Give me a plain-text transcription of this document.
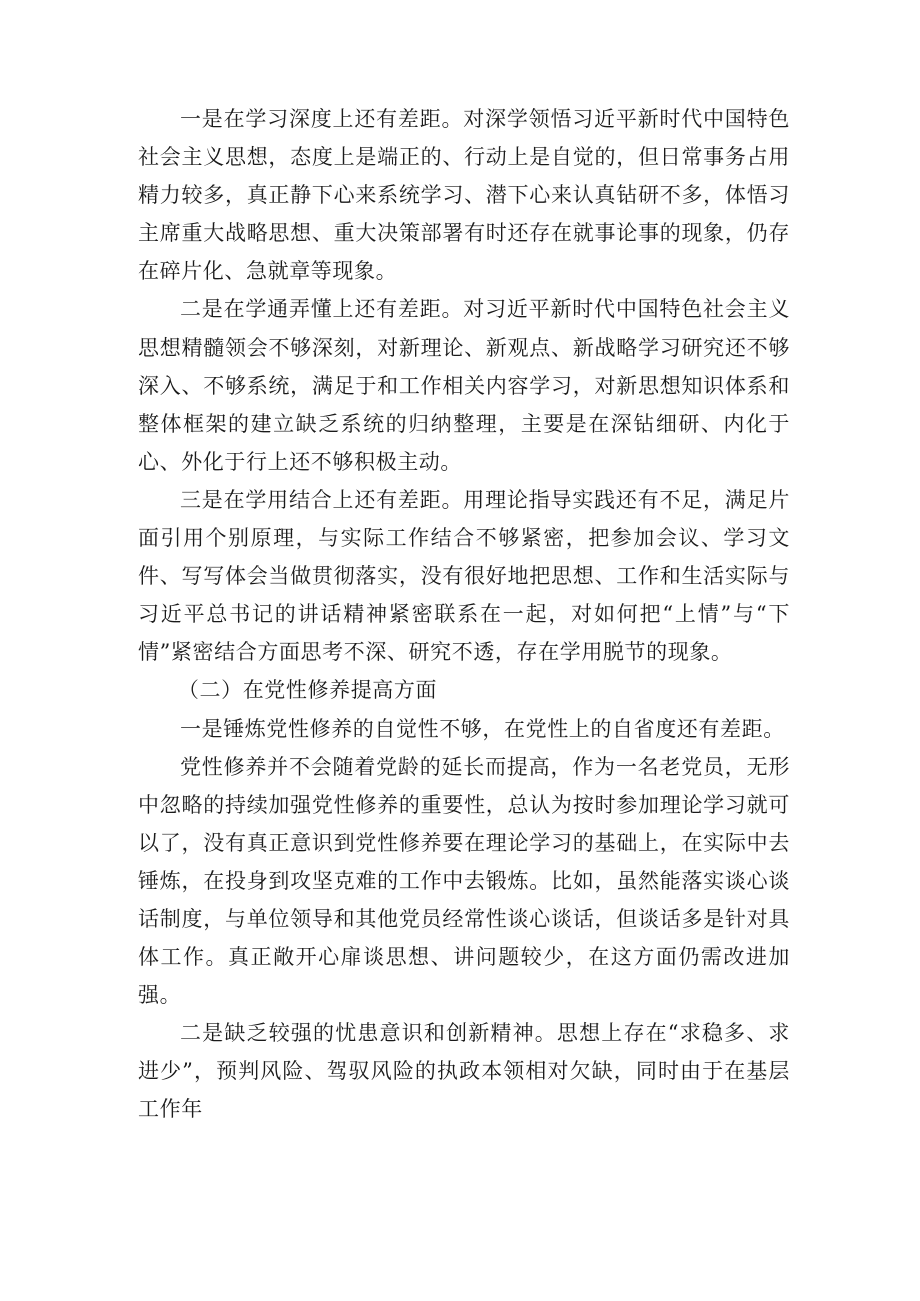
一是在学习深度上还有差距。对深学领悟习近平新时代中国特色社会主义思想，态度上是端正的、行动上是自觉的，但日常事务占用精力较多，真正静下心来系统学习、潜下心来认真钻研不多，体悟习主席重大战略思想、重大决策部署有时还存在就事论事的现象，仍存在碎片化、急就章等现象。

二是在学通弄懂上还有差距。对习近平新时代中国特色社会主义思想精髓领会不够深刻，对新理论、新观点、新战略学习研究还不够深入、不够系统，满足于和工作相关内容学习，对新思想知识体系和整体框架的建立缺乏系统的归纳整理，主要是在深钻细研、内化于心、外化于行上还不够积极主动。

三是在学用结合上还有差距。用理论指导实践还有不足，满足片面引用个别原理，与实际工作结合不够紧密，把参加会议、学习文件、写写体会当做贯彻落实，没有很好地把思想、工作和生活实际与习近平总书记的讲话精神紧密联系在一起，对如何把“上情”与“下情”紧密结合方面思考不深、研究不透，存在学用脱节的现象。

（二）在党性修养提高方面

一是锤炼党性修养的自觉性不够，在党性上的自省度还有差距。

党性修养并不会随着党龄的延长而提高，作为一名老党员，无形中忽略的持续加强党性修养的重要性，总认为按时参加理论学习就可以了，没有真正意识到党性修养要在理论学习的基础上，在实际中去锤炼，在投身到攻坚克难的工作中去锻炼。比如，虽然能落实谈心谈话制度，与单位领导和其他党员经常性谈心谈话，但谈话多是针对具体工作。真正敞开心扉谈思想、讲问题较少，在这方面仍需改进加强。

二是缺乏较强的忧患意识和创新精神。思想上存在“求稳多、求进少”，预判风险、驾驭风险的执政本领相对欠缺，同时由于在基层工作年
